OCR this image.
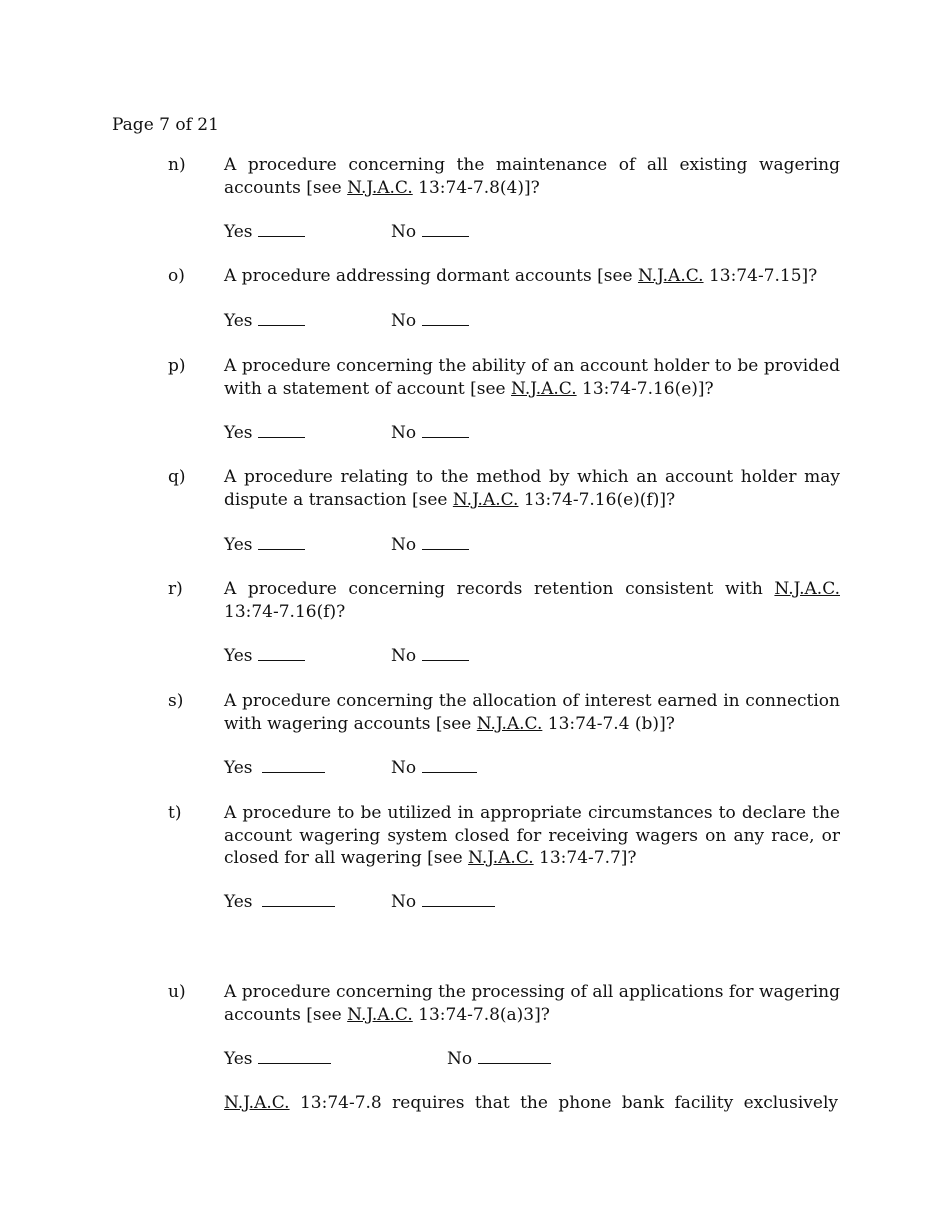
Page 7 of 21
n) A procedure concerning the maintenance of all existing wagering accounts [see N.J.A.C. 13:74-7.8(4)]?
Yes	No
o) A procedure addressing dormant accounts [see N.J.A.C. 13:74-7.15]?
Yes	No
p) A procedure concerning the ability of an account holder to be provided with a statement of account [see N.J.A.C. 13:74-7.16(e)]?
Yes	No
q) A procedure relating to the method by which an account holder may dispute a transaction [see N.J.A.C. 13:74-7.16(e)(f)]?
Yes	No
r) A procedure concerning records retention consistent with N.J.A.C. 13:74-7.16(f)?
Yes	No
s) A procedure concerning the allocation of interest earned in connection with wagering accounts [see N.J.A.C. 13:74-7.4 (b)]?
Yes	No
t)	A procedure to be utilized in appropriate circumstances to declare the account wagering system closed for receiving wagers on any race, or closed for all wagering [see N.J.A.C. 13:74-7.7]?
Yes	No
u) A procedure concerning the processing of all applications for wagering accounts [see N.J.A.C. 13:74-7.8(a)3]?
Yes	No
N.J.A.C. 13:74-7.8 requires that the phone bank facility exclusively
